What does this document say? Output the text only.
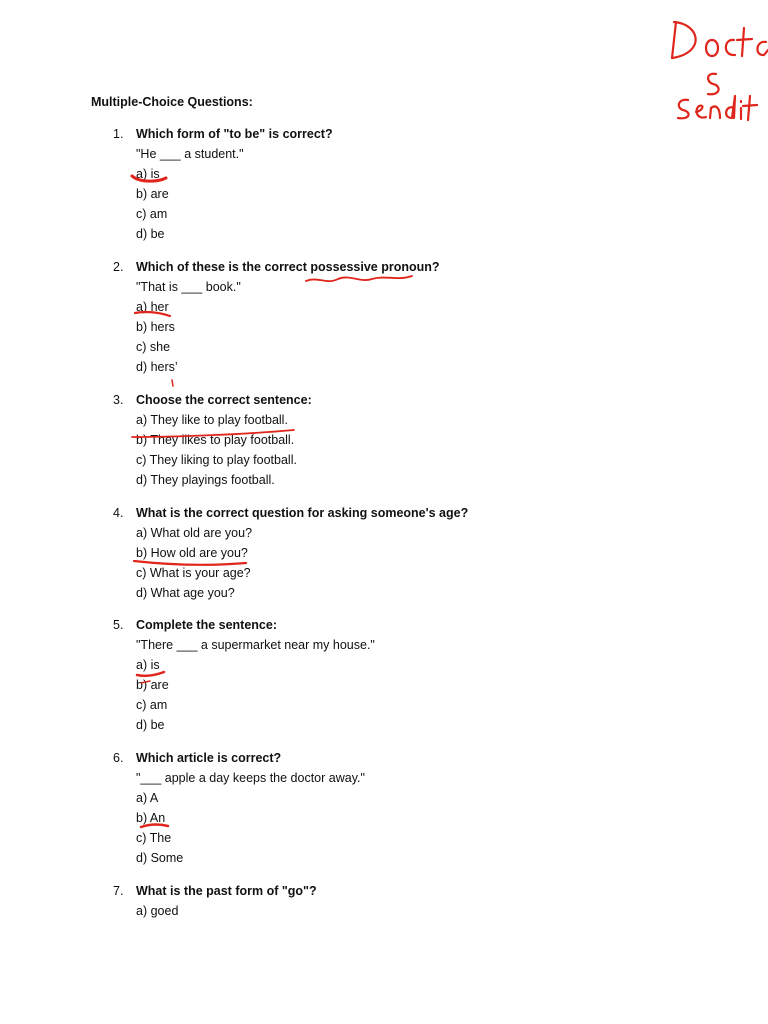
Multiple-Choice Questions:
1.	Which form of "to be" is correct?
"He ___ a student."
a) is
b) are
c) am
d) be
2.	Which of these is the correct possessive pronoun?
"That is ___ book."
a) her
b) hers
c) she
d) hers’
3.	Choose the correct sentence:
a) They like to play football.
b) They likes to play football.
c) They liking to play football.
d) They playings football.
4.	What is the correct question for asking someone's age?
a) What old are you?
b) How old are you?
c) What is your age?
d) What age you?
5.	Complete the sentence:
"There ___ a supermarket near my house."
a) is
b) are
c) am
d) be
6.	Which article is correct?
"___ apple a day keeps the doctor away."
a) A
b) An
c) The
d) Some
7.	What is the past form of "go"?
a) goed
